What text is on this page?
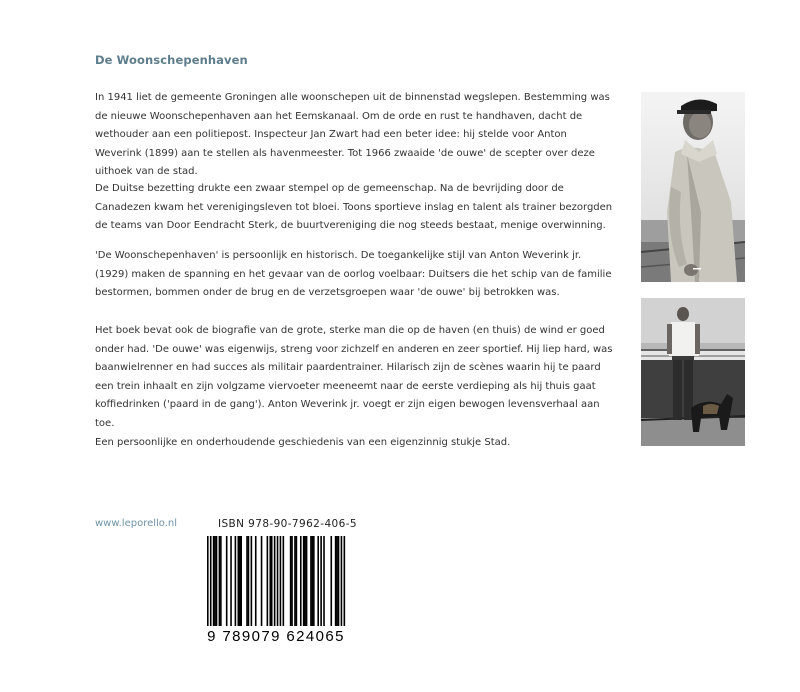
De Woonschepenhaven

In 1941 liet de gemeente Groningen alle woonschepen uit de binnenstad wegslepen. Bestemming was de nieuwe Woonschepenhaven aan het Eemskanaal. Om de orde en rust te handhaven, dacht de wethouder aan een politiepost. Inspecteur Jan Zwart had een beter idee: hij stelde voor Anton Weverink (1899) aan te stellen als havenmeester. Tot 1966 zwaaide 'de ouwe' de scepter over deze uithoek van de stad.

De Duitse bezetting drukte een zwaar stempel op de gemeenschap. Na de bevrijding door de Canadezen kwam het verenigingsleven tot bloei. Toons sportieve inslag en talent als trainer bezorgden de teams van Door Eendracht Sterk, de buurtvereniging die nog steeds bestaat, menige overwinning.

'De Woonschepenhaven' is persoonlijk en historisch. De toegankelijke stijl van Anton Weverink jr. (1929) maken de spanning en het gevaar van de oorlog voelbaar: Duitsers die het schip van de familie bestormen, bommen onder de brug en de verzetsgroepen waar 'de ouwe' bij betrokken was.

Het boek bevat ook de biografie van de grote, sterke man die op de haven (en thuis) de wind er goed onder had. 'De ouwe' was eigenwijs, streng voor zichzelf en anderen en zeer sportief. Hij liep hard, was baanwielrenner en had succes als militair paardentrainer. Hilarisch zijn de scènes waarin hij te paard een trein inhaalt en zijn volgzame viervoeter meeneemt naar de eerste verdieping als hij thuis gaat koffiedrinken ('paard in de gang'). Anton Weverink jr. voegt er zijn eigen bewogen levensverhaal aan toe.

Een persoonlijke en onderhoudende geschiedenis van een eigenzinnig stukje Stad.

www.leporello.nl	ISBN 978-90-7962-406-5
9 789079 624065
